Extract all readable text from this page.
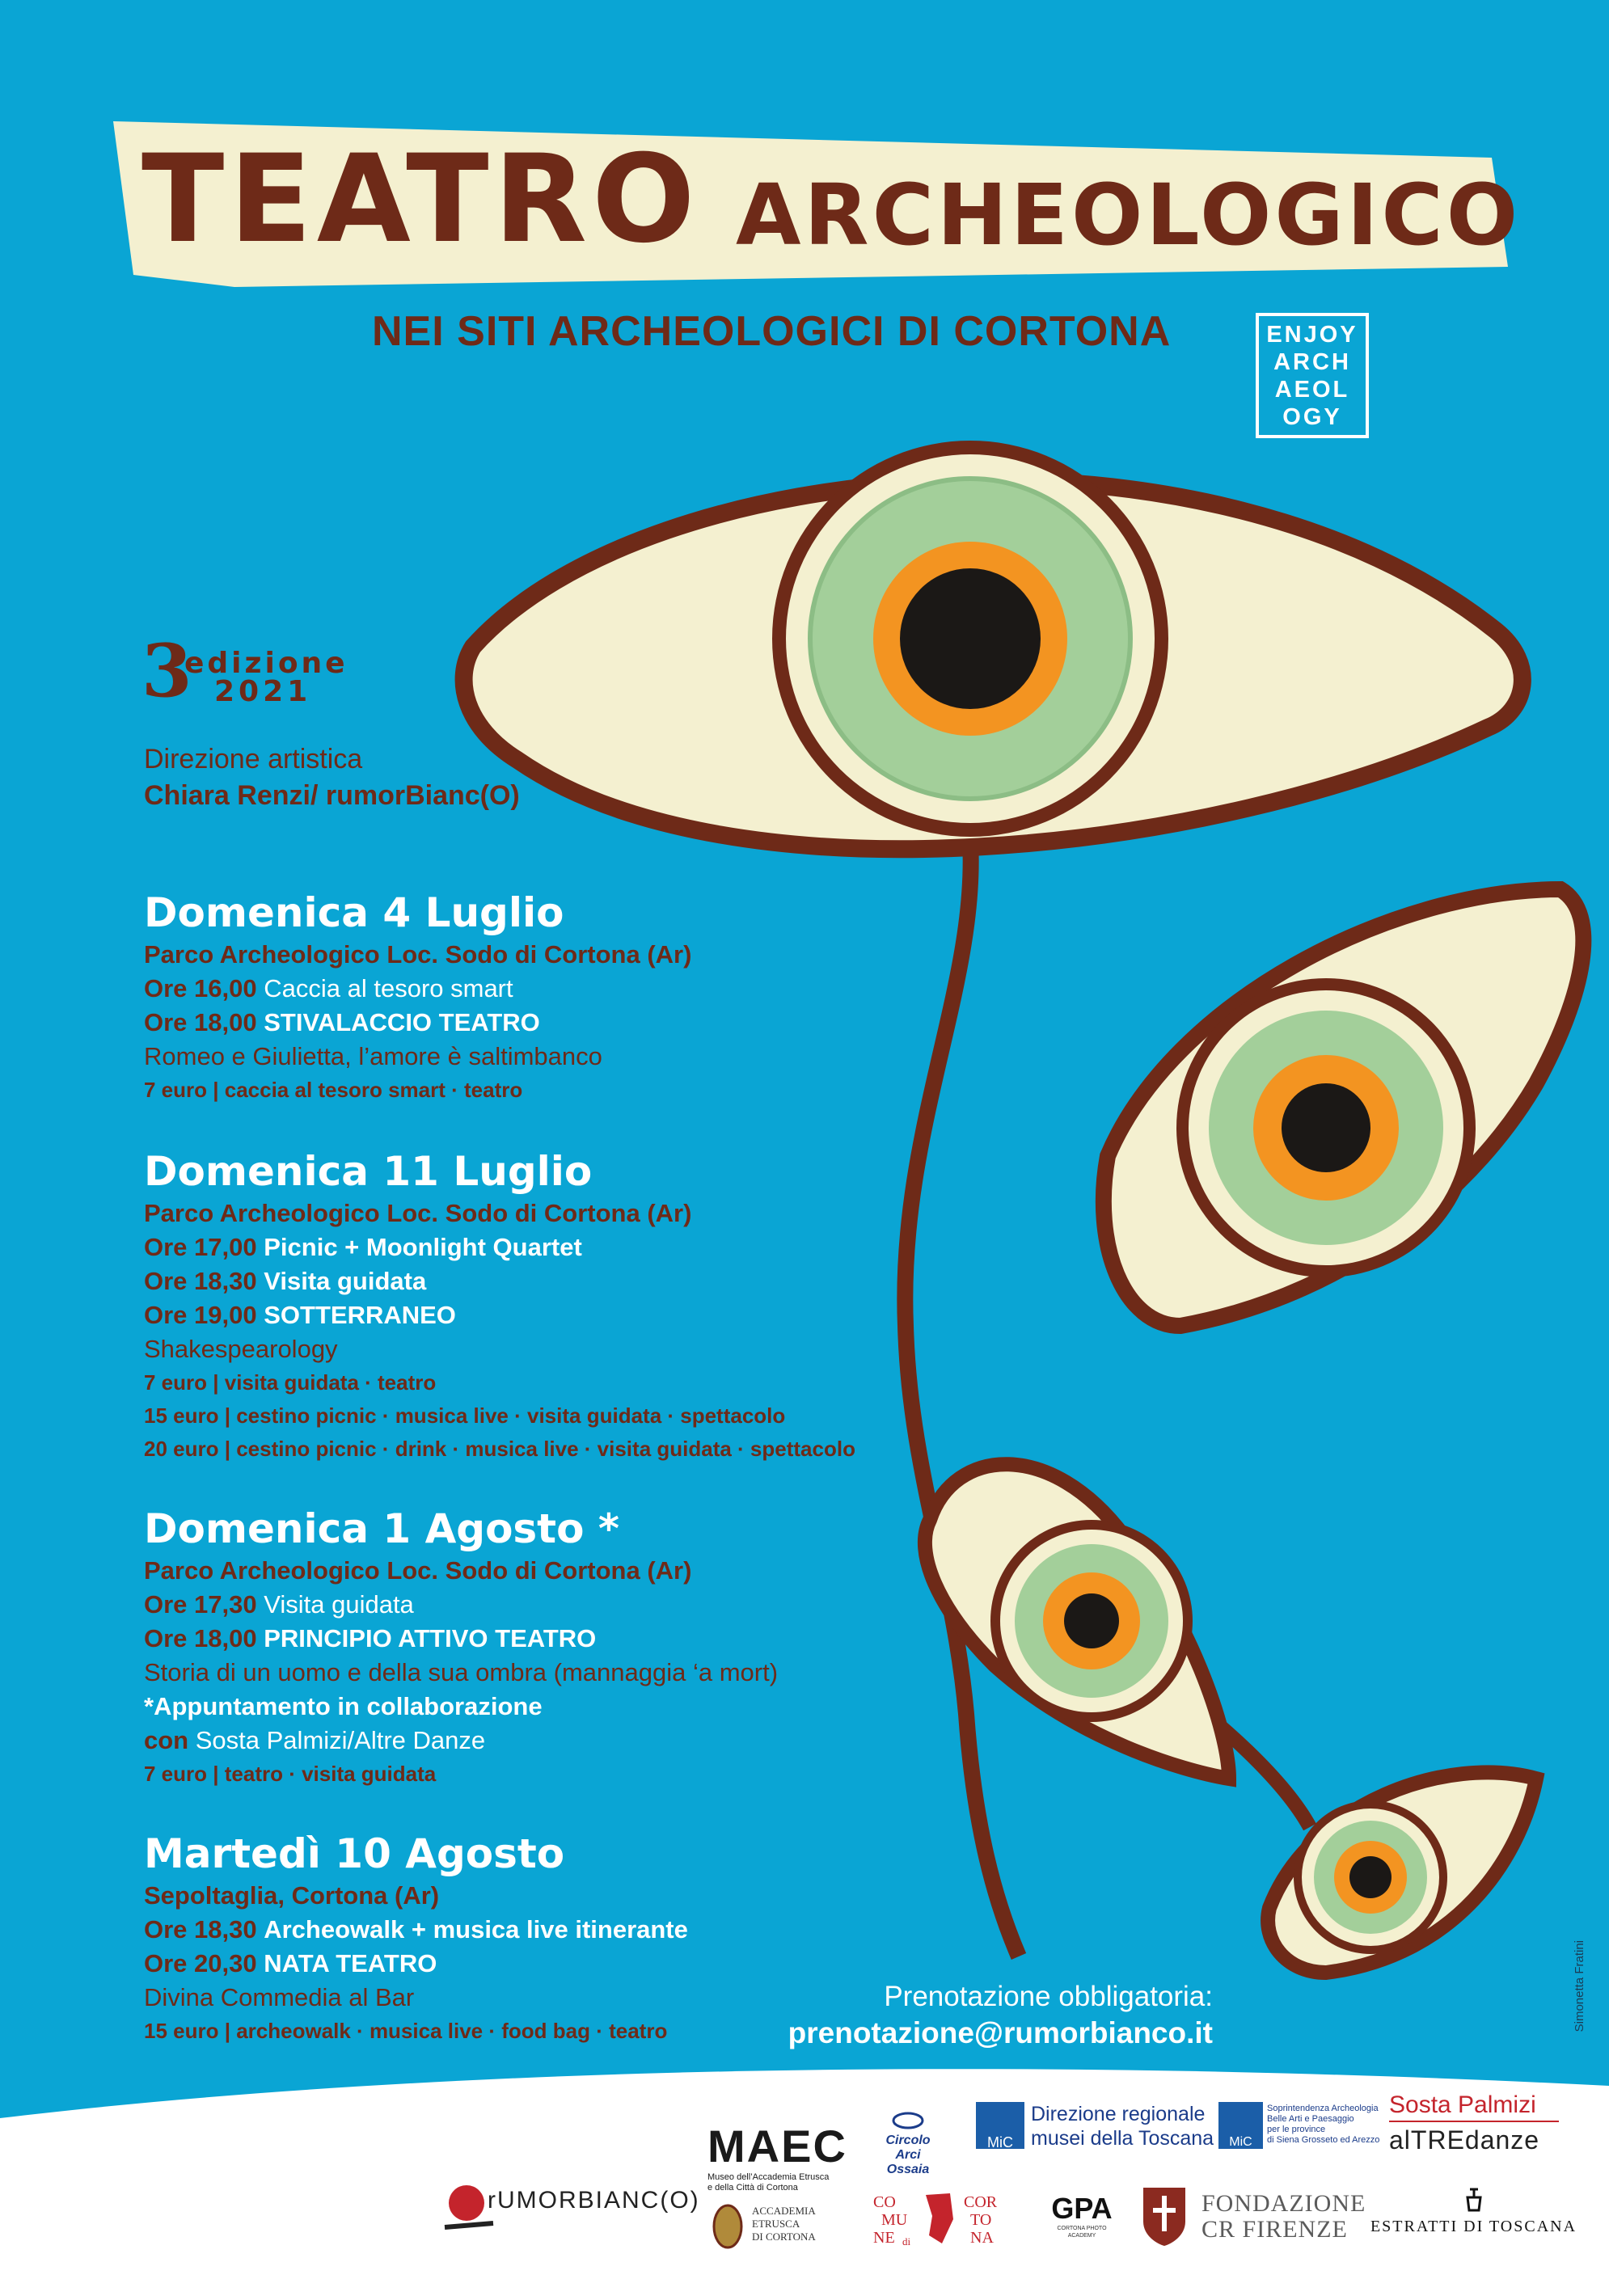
TEATRO ARCHEOLOGICO
NEI SITI ARCHEOLOGICI DI CORTONA	ENJOY
ARCH
AEOL
OGY
3
edizione
2021
Direzione artistica
Chiara Renzi/ rumorBianc(O)
Domenica 4 Luglio
Parco Archeologico Loc. Sodo di Cortona (Ar)
Ore 16,00 Caccia al tesoro smart
Ore 18,00 STIVALACCIO TEATRO
Romeo e Giulietta, l’amore è saltimbanco
7 euro | caccia al tesoro smart · teatro
Domenica 11 Luglio
Parco Archeologico Loc. Sodo di Cortona (Ar)
Ore 17,00 Picnic + Moonlight Quartet
Ore 18,30 Visita guidata
Ore 19,00 SOTTERRANEO
Shakespearology
7 euro | visita guidata · teatro
15 euro | cestino picnic · musica live · visita guidata · spettacolo
20 euro | cestino picnic · drink · musica live · visita guidata · spettacolo
Domenica 1 Agosto *
Parco Archeologico Loc. Sodo di Cortona (Ar)
Ore 17,30 Visita guidata
Ore 18,00 PRINCIPIO ATTIVO TEATRO
Storia di un uomo e della sua ombra (mannaggia ‘a mort)
*Appuntamento in collaborazione
con Sosta Palmizi/Altre Danze
7 euro | teatro · visita guidata
Martedì 10 Agosto
Sepoltaglia, Cortona (Ar)
Ore 18,30 Archeowalk + musica live itinerante
Ore 20,30 NATA TEATRO
Divina Commedia al Bar
15 euro | archeowalk · musica live · food bag · teatro
Prenotazione obbligatoria:
prenotazione@rumorbianco.it
Simonetta Fratini
MAEC
Museo dell’Accademia Etrusca
e della Città di Cortona
Circolo Arci
Ossaia
MiC
Direzione regionale
musei della Toscana	MiC
Soprintendenza Archeologia
Belle Arti e Paesaggio
per le province
di Siena Grosseto ed Arezzo
Sosta Palmizi
alTREdanze
rUMORBIANC(O)	ACCADEMIA
ETRUSCA
DI CORTONA
CO
MU
NE di
COR
TO
NA
GPA
CORTONA PHOTO ACADEMY
FONDAZIONE
CR FIRENZE ESTRATTI DI TOSCANA
